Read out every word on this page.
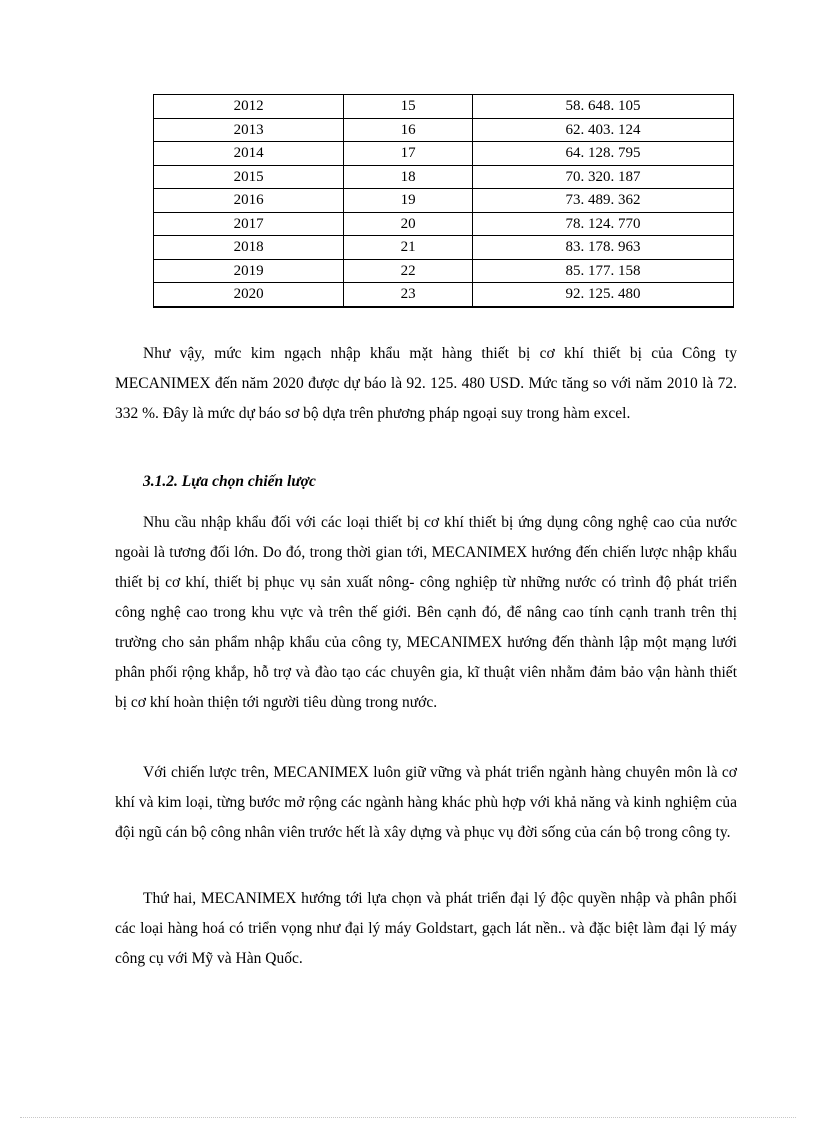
2012	15	58. 648. 105
2013	16	62. 403. 124
2014	17	64. 128. 795
2015	18	70. 320. 187
2016	19	73. 489. 362
2017	20	78. 124. 770
2018	21	83. 178. 963
2019	22	85. 177. 158
2020	23	92. 125. 480

Như vậy, mức kim ngạch nhập khẩu mặt hàng thiết bị cơ khí thiết bị của Công ty MECANIMEX đến năm 2020 được dự báo là 92. 125. 480 USD. Mức tăng so với năm 2010 là 72. 332 %. Đây là mức dự báo sơ bộ dựa trên phương pháp ngoại suy trong hàm excel.

3.1.2. Lựa chọn chiến lược

Nhu cầu nhập khẩu đối với các loại thiết bị cơ khí thiết bị ứng dụng công nghệ cao của nước ngoài là tương đối lớn. Do đó, trong thời gian tới, MECANIMEX hướng đến chiến lược nhập khẩu thiết bị cơ khí, thiết bị phục vụ sản xuất nông- công nghiệp từ những nước có trình độ phát triển công nghệ cao trong khu vực và trên thế giới. Bên cạnh đó, để nâng cao tính cạnh tranh trên thị trường cho sản phẩm nhập khẩu của công ty, MECANIMEX hướng đến thành lập một mạng lưới phân phối rộng khắp, hỗ trợ và đào tạo các chuyên gia, kĩ thuật viên nhằm đảm bảo vận hành thiết bị cơ khí hoàn thiện tới người tiêu dùng trong nước.

Với chiến lược trên, MECANIMEX luôn giữ vững và phát triển ngành hàng chuyên môn là cơ khí và kim loại, từng bước mở rộng các ngành hàng khác phù hợp với khả năng và kinh nghiệm của đội ngũ cán bộ công nhân viên trước hết là xây dựng và phục vụ đời sống của cán bộ trong công ty.

Thứ hai, MECANIMEX hướng tới lựa chọn và phát triển đại lý độc quyền nhập và phân phối các loại hàng hoá có triển vọng như đại lý máy Goldstart, gạch lát nền.. và đặc biệt làm đại lý máy công cụ với Mỹ và Hàn Quốc.
